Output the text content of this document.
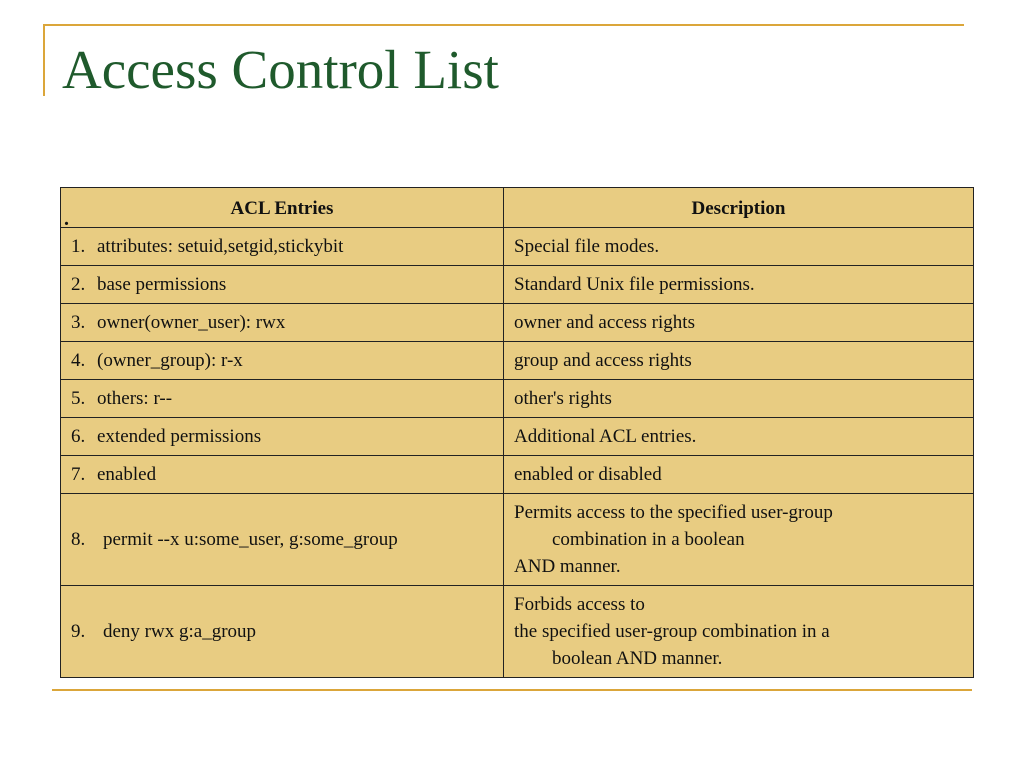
Access Control List
. ACL Entries	Description
1. attributes: setuid,setgid,stickybit	Special file modes.

2. base permissions	Standard Unix file permissions.

3. owner(owner_user): rwx	owner and access rights

4. (owner_group): r-x	group and access rights

5. others: r--	other's rights

6. extended permissions	Additional ACL entries.

7. enabled	enabled or disabled

8. permit --x u:some_user, g:some_group	Permits access to the specified user-group
combination in a boolean
AND manner.

9. deny rwx g:a_group	Forbids access to
the specified user-group combination in a
boolean AND manner.
